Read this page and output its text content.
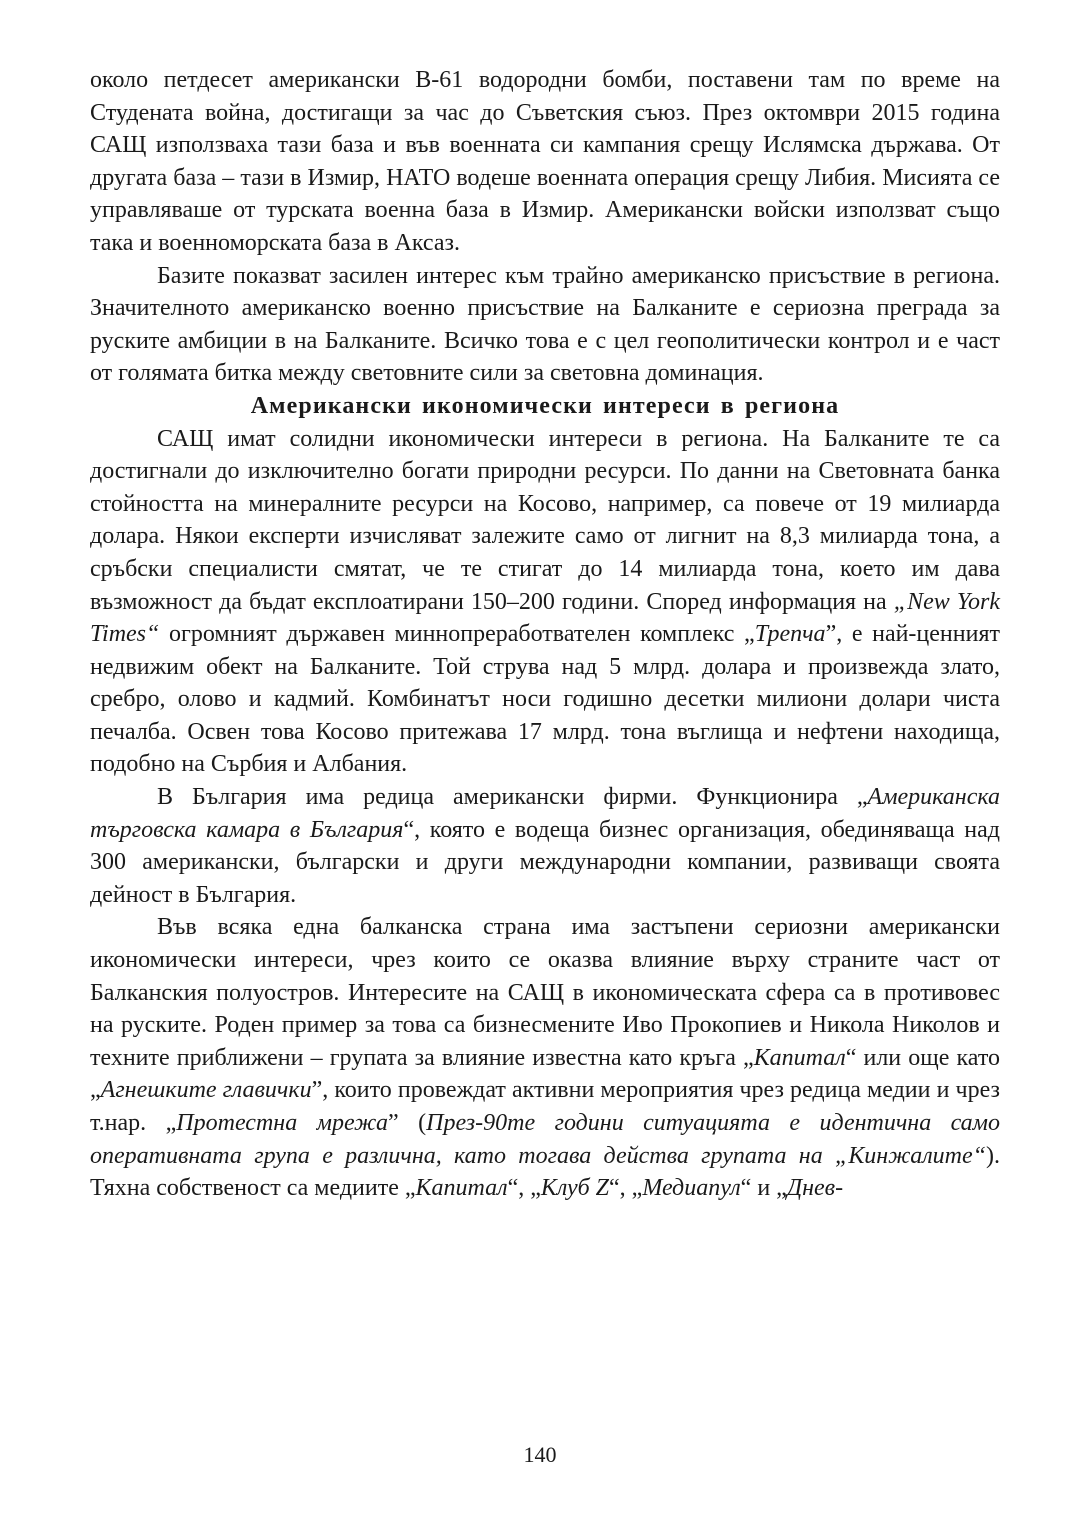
около петдесет американски В-61 водородни бомби, поставени там по време на Студената война, достигащи за час до Съветския съюз. През октомври 2015 година САЩ използваха тази база и във военната си кампания срещу Ислямска държава. От другата база – тази в Измир, НАТО водеше военната операция срещу Либия. Мисията се управляваше от турската военна база в Измир. Американски войски използват също така и военноморската база в Аксаз.

Базите показват засилен интерес към трайно американско присъствие в региона. Значителното американско военно присъствие на Балканите е сериозна преграда за руските амбиции в на Балканите. Всичко това е с цел геополитически контрол и е част от голямата битка между световните сили за световна доминация.

Американски икономически интереси в региона

САЩ имат солидни икономически интереси в региона. На Балканите те са достигнали до изключително богати природни ресурси. По данни на Световната банка стойността на минералните ресурси на Косово, например, са повече от 19 милиарда долара. Някои експерти изчисляват залежите само от лигнит на 8,3 милиарда тона, а сръбски специалисти смятат, че те стигат до 14 милиарда тона, което им дава възможност да бъдат експлоатирани 150–200 години. Според информация на „New York Times“ огромният държавен миннопреработвателен комплекс „Трепча”, е най-ценният недвижим обект на Балканите. Той струва над 5 млрд. долара и произвежда злато, сребро, олово и кадмий. Комбинатът носи годишно десетки милиони долари чиста печалба. Освен това Косово притежава 17 млрд. тона въглища и нефтени находища, подобно на Сърбия и Албания.

В България има редица американски фирми. Функционира „Американска търговска камара в България“, която е водеща бизнес организация, обединяваща над 300 американски, български и други международни компании, развиващи своята дейност в България.

Във всяка една балканска страна има застъпени сериозни американски икономически интереси, чрез които се оказва влияние върху страните част от Балканския полуостров. Интересите на САЩ в икономическата сфера са в противовес на руските. Роден пример за това са бизнесмените Иво Прокопиев и Никола Николов и техните приближени – групата за влияние известна като кръга „Капитал“ или още като „Агнешките главички”, които провеждат активни мероприятия чрез редица медии и чрез т.нар. „Протестна мрежа” (През-90те години ситуацията е идентична само оперативната група е различна, като тогава действа групата на „Кинжалите“). Тяхна собственост са медиите „Капитал“, „Клуб Z“, „Медиапул“ и „Днев-

140
